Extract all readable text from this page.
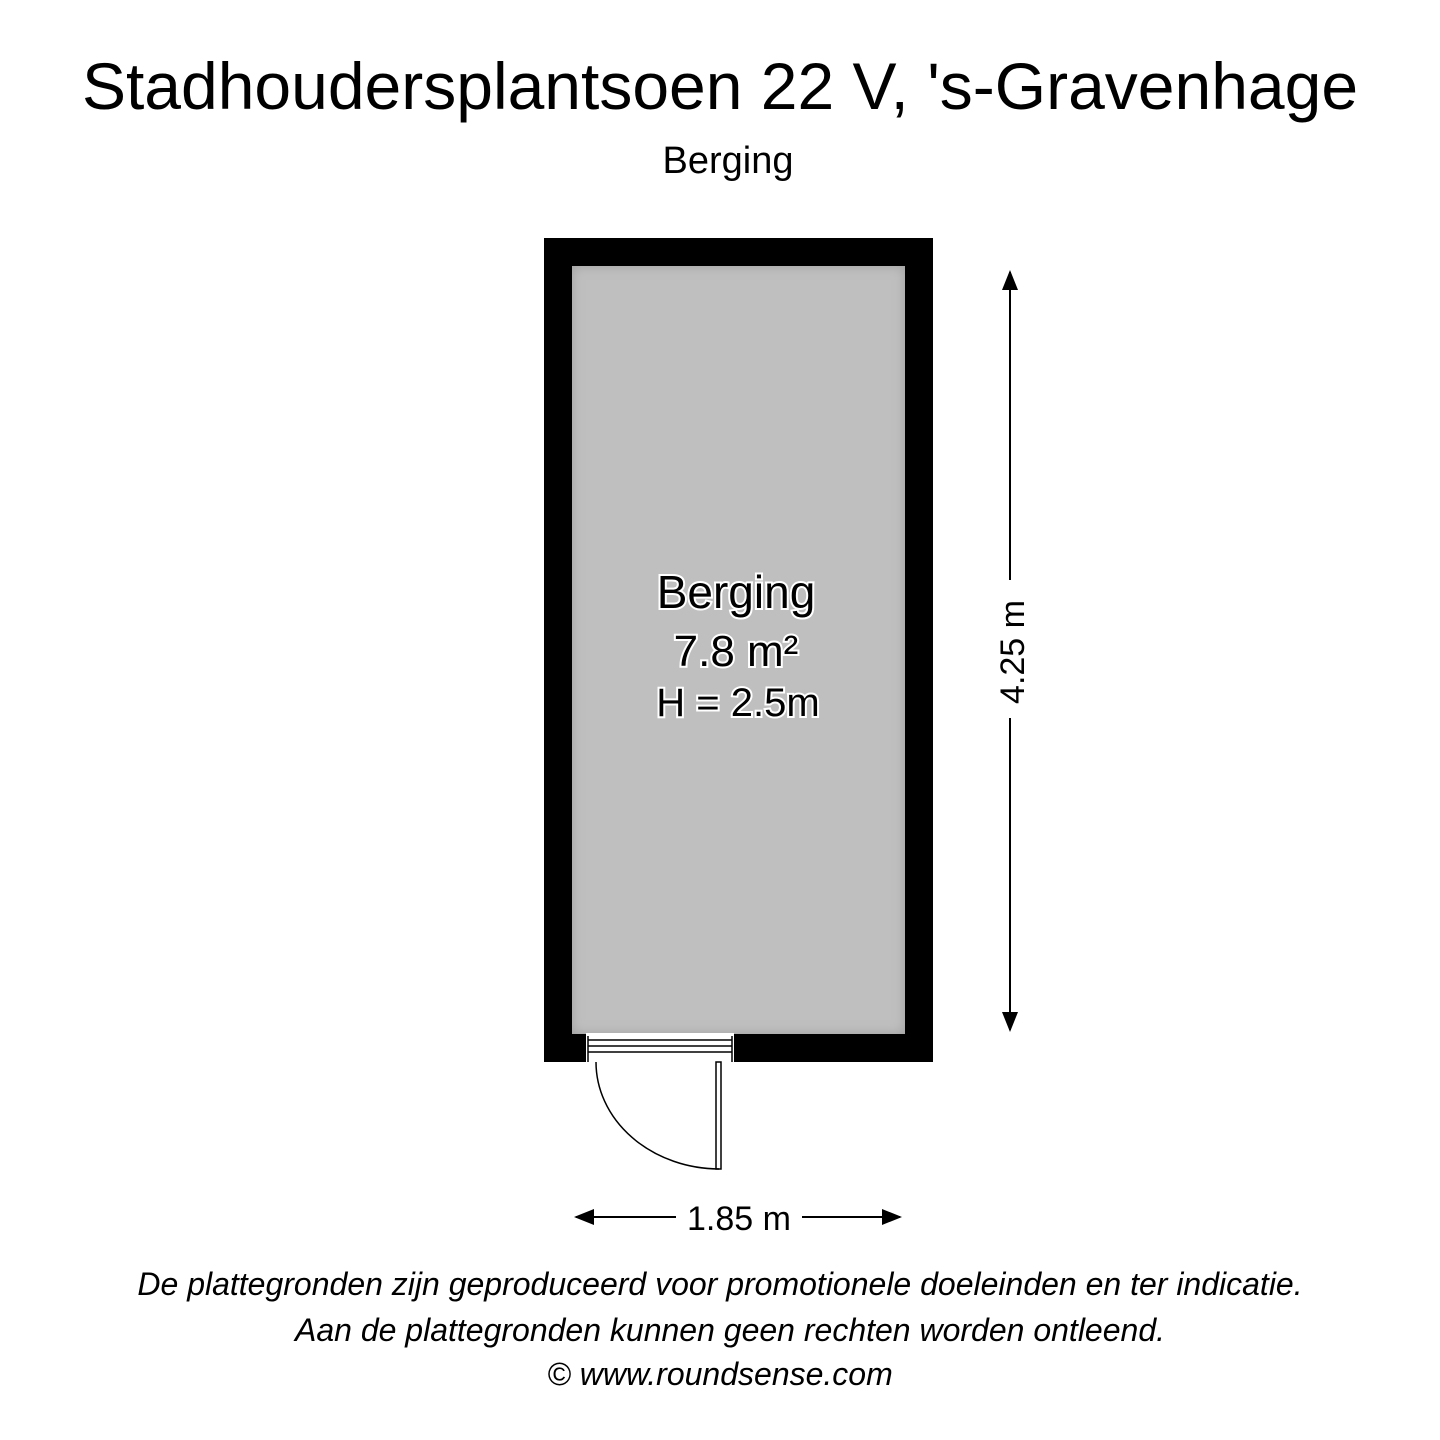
Stadhoudersplantsoen 22 V, 's-Gravenhage
Berging
Berging
7.8 m²
H = 2.5m	4.25 m
1.85 m
De plattegronden zijn geproduceerd voor promotionele doeleinden en ter indicatie.
Aan de plattegronden kunnen geen rechten worden ontleend.
© www.roundsense.com
